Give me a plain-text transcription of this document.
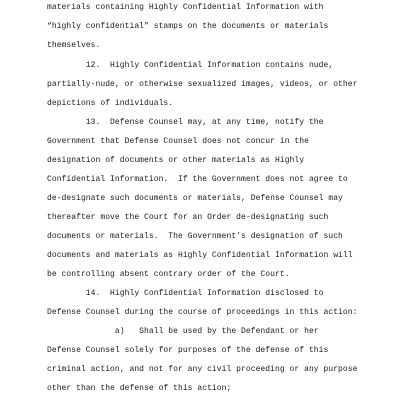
materials containing Highly Confidential Information with
“highly confidential” stamps on the documents or materials
themselves.
12.  Highly Confidential Information contains nude,
partially-nude, or otherwise sexualized images, videos, or other
depictions of individuals.
13.  Defense Counsel may, at any time, notify the
Government that Defense Counsel does not concur in the
designation of documents or other materials as Highly
Confidential Information.  If the Government does not agree to
de-designate such documents or materials, Defense Counsel may
thereafter move the Court for an Order de-designating such
documents or materials.  The Government’s designation of such
documents and materials as Highly Confidential Information will
be controlling absent contrary order of the Court.
14.  Highly Confidential Information disclosed to
Defense Counsel during the course of proceedings in this action:
a)   Shall be used by the Defendant or her
Defense Counsel solely for purposes of the defense of this
criminal action, and not for any civil proceeding or any purpose
other than the defense of this action;
